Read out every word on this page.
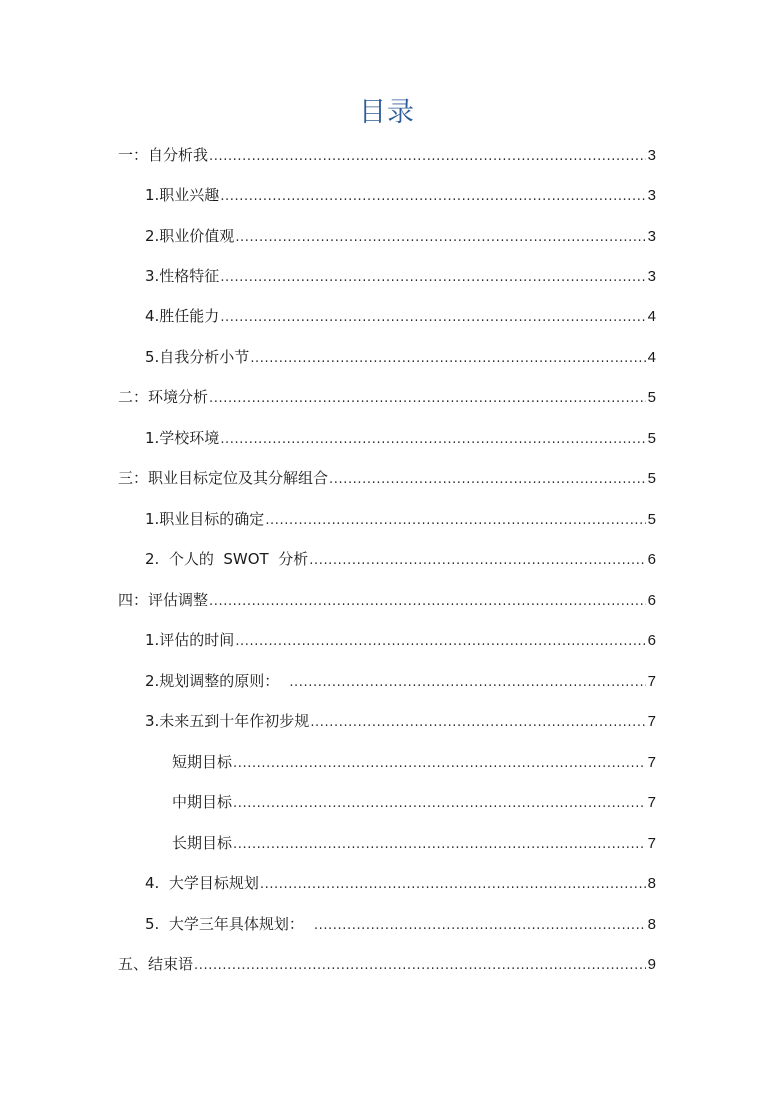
目录
一：自分析我 .....	3
1.职业兴趣 .....	3
2.职业价值观 .....	3
3.性格特征 .....	3
4.胜任能力 .....	4
5.自我分析小节 .....	4
二：环境分析 .....	5
1.学校环境 .....	5
三：职业目标定位及其分解组合 .....	5
1.职业目标的确定 .....	5
2.  个人的  SWOT  分析 .....	6
四：评估调整 .....	6
1.评估的时间 .....	6
2.规划调整的原则： .....	7
3.未来五到十年作初步规 .....	7
短期目标 .....	7
中期目标 .....	7
长期目标 .....	7
4.  大学目标规划 .....	8
5.  大学三年具体规划： .....	8
五、结束语 .....	9
